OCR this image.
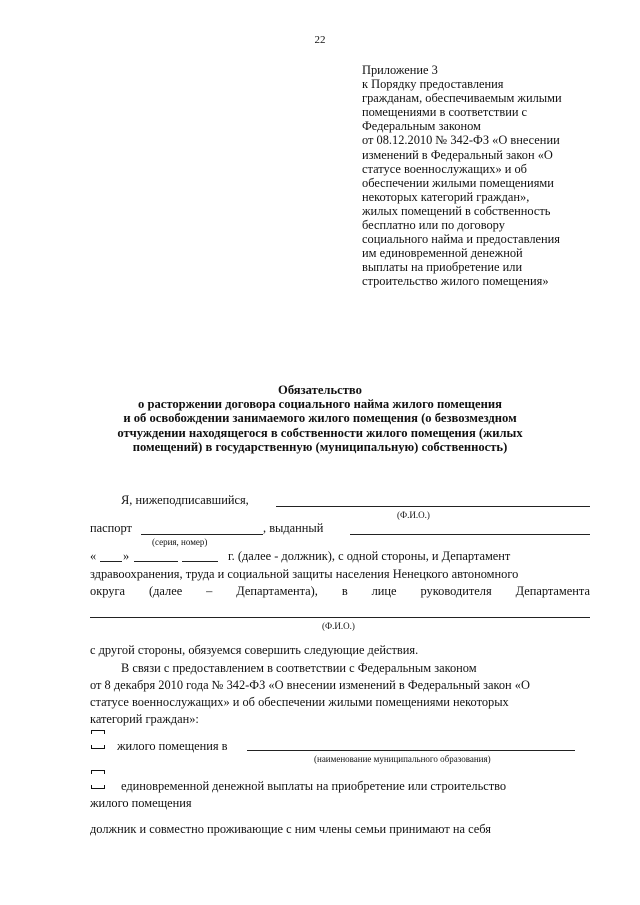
22
Приложение 3
к Порядку предоставления
гражданам, обеспечиваемым жилыми
помещениями в соответствии с
Федеральным законом
от 08.12.2010 № 342-ФЗ «О внесении
изменений в Федеральный закон «О
статусе военнослужащих» и об
обеспечении жилыми помещениями
некоторых категорий граждан»,
жилых помещений в собственность
бесплатно или по договору
социального найма и предоставления
им единовременной денежной
выплаты на приобретение или
строительство жилого помещения»
Обязательство
о расторжении договора социального найма жилого помещения
и об освобождении занимаемого жилого помещения (о безвозмездном
отчуждении находящегося в собственности жилого помещения (жилых
помещений) в государственную (муниципальную) собственность)
Я, нижеподписавшийся,
(Ф.И.О.)
паспорт	, выданный
(серия, номер)
« »	г. (далее - должник), с одной стороны, и Департамент
здравоохранения, труда и социальной защиты населения Ненецкого автономного
округа (далее – Департамента), в лице руководителя Департамента
(Ф.И.О.)
с другой стороны, обязуемся совершить следующие действия.
В связи с предоставлением в соответствии с Федеральным законом
от 8 декабря 2010 года № 342-ФЗ «О внесении изменений в Федеральный закон «О
статусе военнослужащих» и об обеспечении жилыми помещениями некоторых
категорий граждан»:
жилого помещения в
(наименование муниципального образования)
единовременной денежной выплаты на приобретение или строительство
жилого помещения
должник и совместно проживающие с ним члены семьи принимают на себя
